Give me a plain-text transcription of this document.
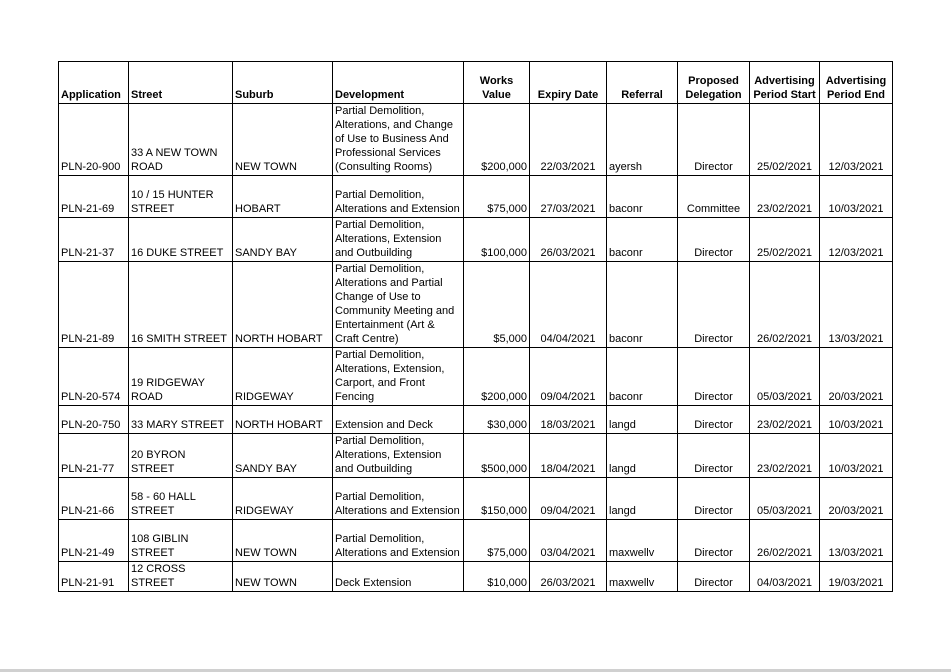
Application	Street	Suburb	Development	Works Value	Expiry Date	Referral	Proposed Delegation	Advertising Period Start	Advertising Period End
PLN-20-900	33 A NEW TOWN ROAD	NEW TOWN	Partial Demolition, Alterations, and Change of Use to Business And Professional Services (Consulting Rooms)	$200,000	22/03/2021	ayersh	Director	25/02/2021	12/03/2021
PLN-21-69	10 / 15 HUNTER STREET	HOBART	Partial Demolition, Alterations and Extension	$75,000	27/03/2021	baconr	Committee	23/02/2021	10/03/2021
PLN-21-37	16 DUKE STREET	SANDY BAY	Partial Demolition, Alterations, Extension and Outbuilding	$100,000	26/03/2021	baconr	Director	25/02/2021	12/03/2021
PLN-21-89	16 SMITH STREET	NORTH HOBART	Partial Demolition, Alterations and Partial Change of Use to Community Meeting and Entertainment (Art & Craft Centre)	$5,000	04/04/2021	baconr	Director	26/02/2021	13/03/2021
PLN-20-574	19 RIDGEWAY ROAD	RIDGEWAY	Partial Demolition, Alterations, Extension, Carport, and Front Fencing	$200,000	09/04/2021	baconr	Director	05/03/2021	20/03/2021
PLN-20-750	33 MARY STREET	NORTH HOBART	Extension and Deck	$30,000	18/03/2021	langd	Director	23/02/2021	10/03/2021
PLN-21-77	20 BYRON STREET	SANDY BAY	Partial Demolition, Alterations, Extension and Outbuilding	$500,000	18/04/2021	langd	Director	23/02/2021	10/03/2021
PLN-21-66	58 - 60 HALL STREET	RIDGEWAY	Partial Demolition, Alterations and Extension	$150,000	09/04/2021	langd	Director	05/03/2021	20/03/2021
PLN-21-49	108 GIBLIN STREET	NEW TOWN	Partial Demolition, Alterations and Extension	$75,000	03/04/2021	maxwellv	Director	26/02/2021	13/03/2021
PLN-21-91	12 CROSS STREET	NEW TOWN	Deck Extension	$10,000	26/03/2021	maxwellv	Director	04/03/2021	19/03/2021
